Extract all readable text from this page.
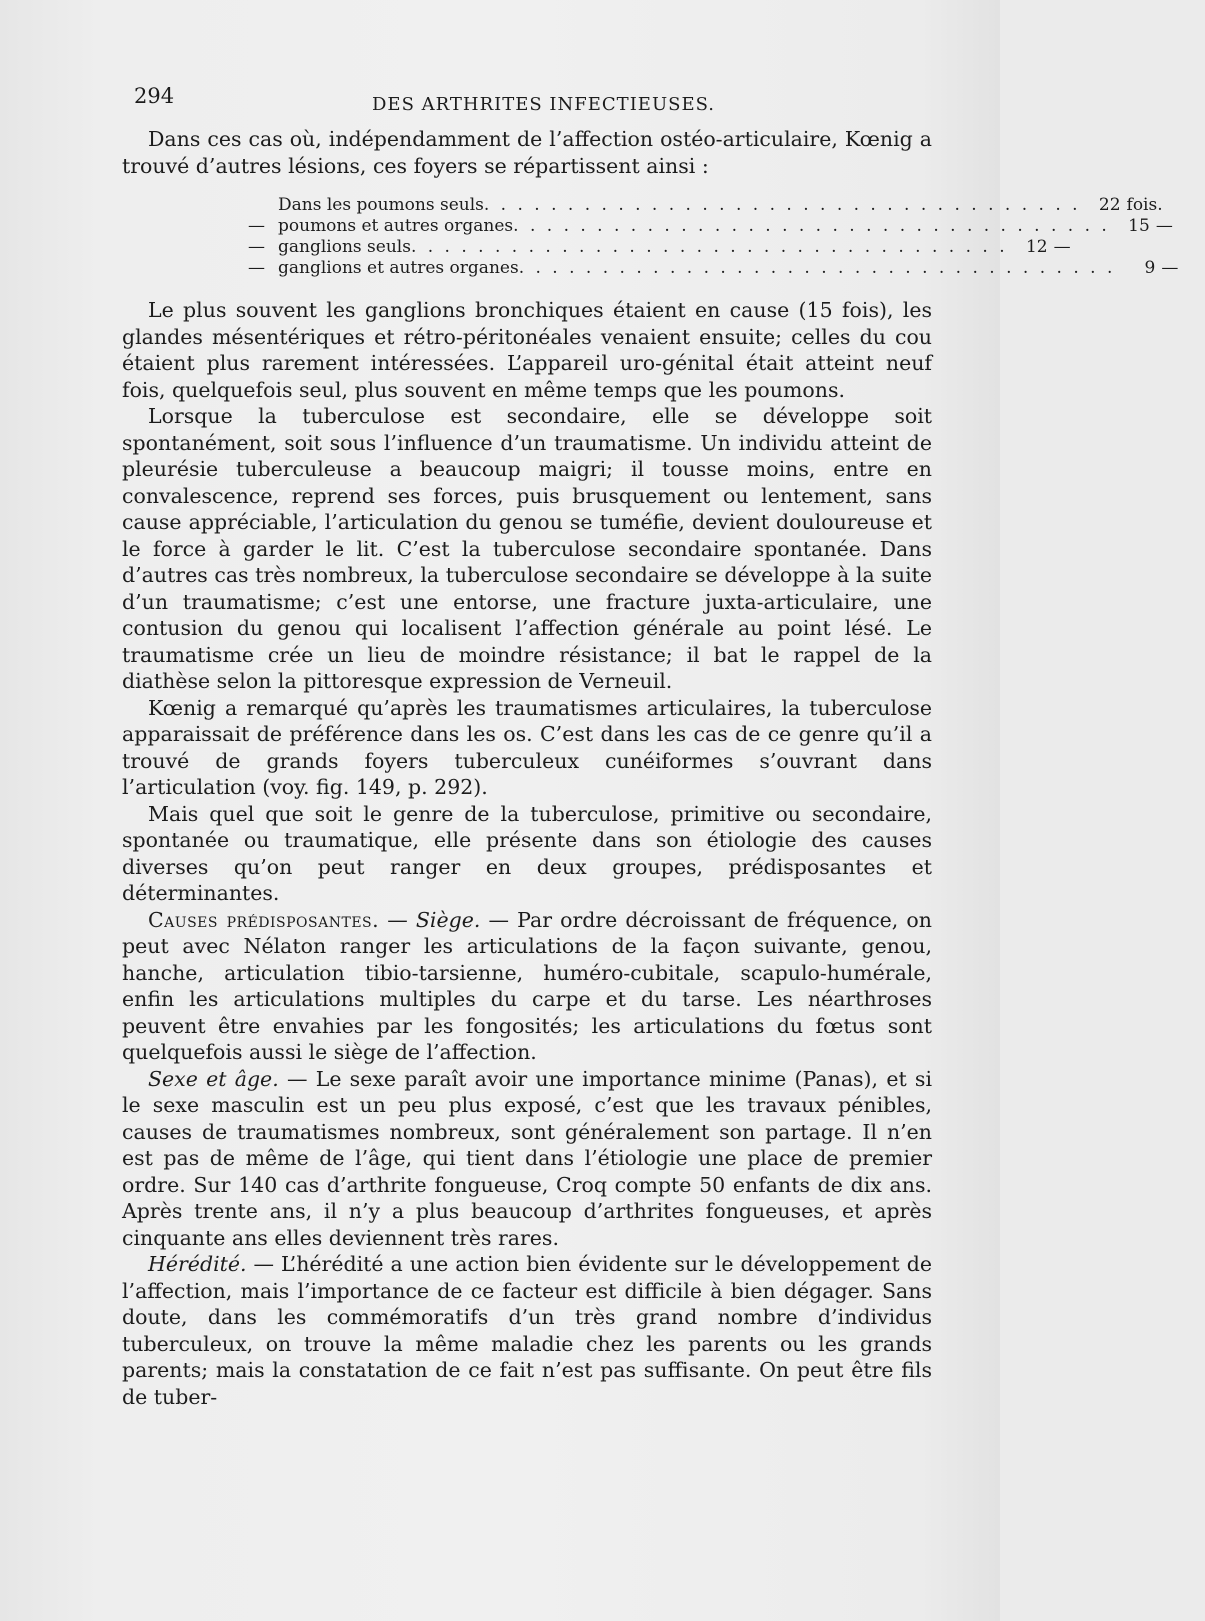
294	DES ARTHRITES INFECTIEUSES.

Dans ces cas où, indépendamment de l’affection ostéo-articulaire, Kœnig a trouvé d’autres lésions, ces foyers se répartissent ainsi :

Dans les poumons seuls . . . . . . . . . . . . . . . . . . . . . . . . . . . . . . . . . . . .	22 fois.
— poumons et autres organes . . . . . . . . . . . . . . . . . . . . . . . . . . . . . . . . . . . .	15 —
— ganglions seuls . . . . . . . . . . . . . . . . . . . . . . . . . . . . . . . . . . . .	12 —
— ganglions et autres organes . . . . . . . . . . . . . . . . . . . . . . . . . . . . . . . . . . . .	9 —

Le plus souvent les ganglions bronchiques étaient en cause (15 fois), les glandes mésentériques et rétro-péritonéales venaient ensuite; celles du cou étaient plus rarement intéressées. L’appareil uro-génital était atteint neuf fois, quelquefois seul, plus souvent en même temps que les poumons.

Lorsque la tuberculose est secondaire, elle se développe soit spontanément, soit sous l’influence d’un traumatisme. Un individu atteint de pleurésie tuberculeuse a beaucoup maigri; il tousse moins, entre en convalescence, reprend ses forces, puis brusquement ou lentement, sans cause appréciable, l’articulation du genou se tuméfie, devient douloureuse et le force à garder le lit. C’est la tuberculose secondaire spontanée. Dans d’autres cas très nombreux, la tuberculose secondaire se développe à la suite d’un traumatisme; c’est une entorse, une fracture juxta-articulaire, une contusion du genou qui localisent l’affection générale au point lésé. Le traumatisme crée un lieu de moindre résistance; il bat le rappel de la diathèse selon la pittoresque expression de Verneuil.

Kœnig a remarqué qu’après les traumatismes articulaires, la tuberculose apparaissait de préférence dans les os. C’est dans les cas de ce genre qu’il a trouvé de grands foyers tuberculeux cunéiformes s’ouvrant dans l’articulation (voy. fig. 149, p. 292).

Mais quel que soit le genre de la tuberculose, primitive ou secondaire, spontanée ou traumatique, elle présente dans son étiologie des causes diverses qu’on peut ranger en deux groupes, prédisposantes et déterminantes.

Causes prédisposantes. — Siège. — Par ordre décroissant de fréquence, on peut avec Nélaton ranger les articulations de la façon suivante, genou, hanche, articulation tibio-tarsienne, huméro-cubitale, scapulo-humérale, enfin les articulations multiples du carpe et du tarse. Les néarthroses peuvent être envahies par les fongosités; les articulations du fœtus sont quelquefois aussi le siège de l’affection.

Sexe et âge. — Le sexe paraît avoir une importance minime (Panas), et si le sexe masculin est un peu plus exposé, c’est que les travaux pénibles, causes de traumatismes nombreux, sont généralement son partage. Il n’en est pas de même de l’âge, qui tient dans l’étiologie une place de premier ordre. Sur 140 cas d’arthrite fongueuse, Croq compte 50 enfants de dix ans. Après trente ans, il n’y a plus beaucoup d’arthrites fongueuses, et après cinquante ans elles deviennent très rares.

Hérédité. — L’hérédité a une action bien évidente sur le développement de l’affection, mais l’importance de ce facteur est difficile à bien dégager. Sans doute, dans les commémoratifs d’un très grand nombre d’individus tuberculeux, on trouve la même maladie chez les parents ou les grands parents; mais la constatation de ce fait n’est pas suffisante. On peut être fils de tuber-
